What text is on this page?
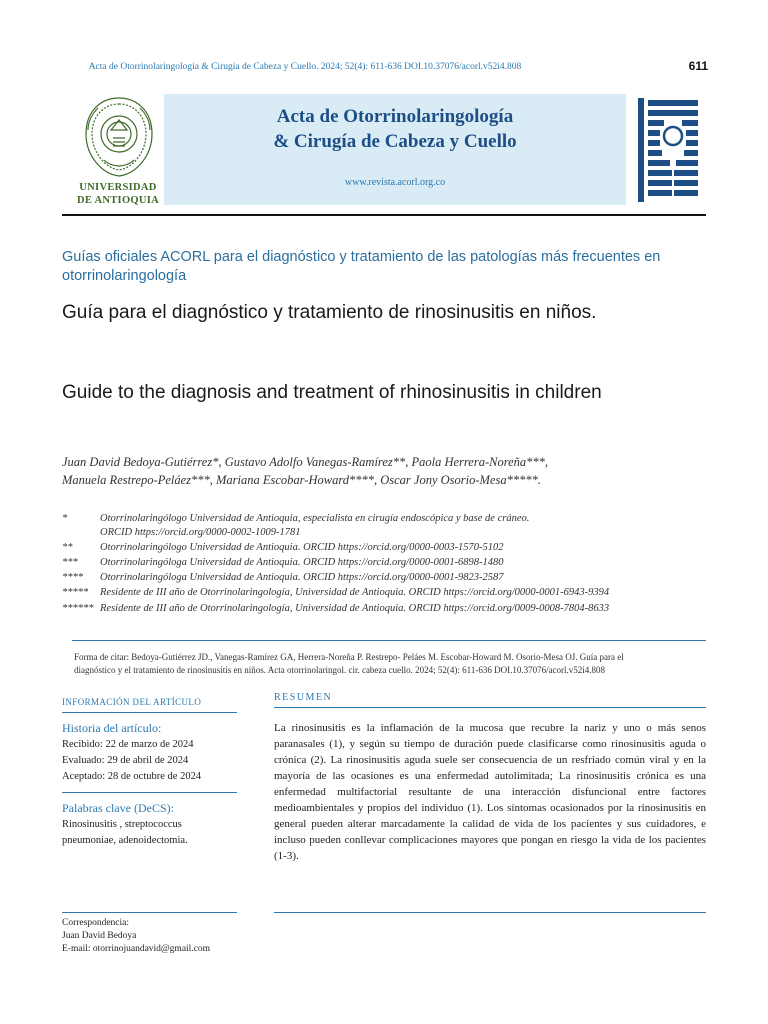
Acta de Otorrinolaringología & Cirugía de Cabeza y Cuello. 2024; 52(4): 611-636 DOI.10.37076/acorl.v52i4.808	611
UNIVERSIDAD
DE ANTIOQUIA
Acta de Otorrinolaringología
& Cirugía de Cabeza y Cuello
www.revista.acorl.org.co
Guías oficiales ACORL para el diagnóstico y tratamiento de las patologías más frecuentes en otorrinolaringología
Guía para el diagnóstico y tratamiento de rinosinusitis en niños.
Guide to the diagnosis and treatment of rhinosinusitis in children
Juan David Bedoya-Gutiérrez*, Gustavo Adolfo Vanegas-Ramírez**, Paola Herrera-Noreña***,
Manuela Restrepo-Peláez***, Mariana Escobar-Howard****, Oscar Jony Osorio-Mesa*****.
*	Otorrinolaringólogo Universidad de Antioquia, especialista en cirugía endoscópica y base de cráneo.
ORCID https://orcid.org/0000-0002-1009-1781
**	Otorrinolaringólogo Universidad de Antioquia. ORCID https://orcid.org/0000-0003-1570-5102
*** Otorrinolaringóloga Universidad de Antioquia. ORCID https://orcid.org/0000-0001-6898-1480
**** Otorrinolaringóloga Universidad de Antioquia. ORCID https://orcid.org/0000-0001-9823-2587
***** Residente de III año de Otorrinolaringología, Universidad de Antioquia. ORCID https://orcid.org/0000-0001-6943-9394
****** Residente de III año de Otorrinolaringología, Universidad de Antioquia. ORCID https://orcid.org/0009-0008-7804-8633
Forma de citar: Bedoya-Gutiérrez JD., Vanegas-Ramírez GA, Herrera-Noreña P. Restrepo- Peláes M. Escobar-Howard M. Osorio-Mesa OJ. Guía para el
diagnóstico y el tratamiento de rinosinusitis en niños. Acta otorrinolaringol. cir. cabeza cuello. 2024; 52(4): 611-636 DOI.10.37076/acorl.v52i4.808
INFORMACIÓN DEL ARTÍCULO
Historia del artículo:
Recibido: 22 de marzo de 2024
Evaluado: 29 de abril de 2024
Aceptado: 28 de octubre de 2024
Palabras clave (DeCS):
Rinosinusitis , streptococcus
pneumoniae, adenoidectomia.
Correspondencia:
Juan David Bedoya
E-mail: otorrinojuandavid@gmail.com
RESUMEN
La rinosinusitis es la inflamación de la mucosa que recubre la nariz y uno o más senos paranasales (1), y según su tiempo de duración puede clasificarse como rinosinusitis aguda o crónica (2). La rinosinusitis aguda suele ser consecuencia de un resfriado común viral y en la mayoría de las ocasiones es una enfermedad autolimitada; La rinosinusitis crónica es una enfermedad multifactorial resultante de una interacción disfuncional entre factores medioambientales y propios del individuo (1). Los síntomas ocasionados por la rinosinusitis en general pueden alterar marcadamente la calidad de vida de los pacientes y sus cuidadores, e incluso pueden conllevar complicaciones mayores que pongan en riesgo la vida de los pacientes (1-3).
